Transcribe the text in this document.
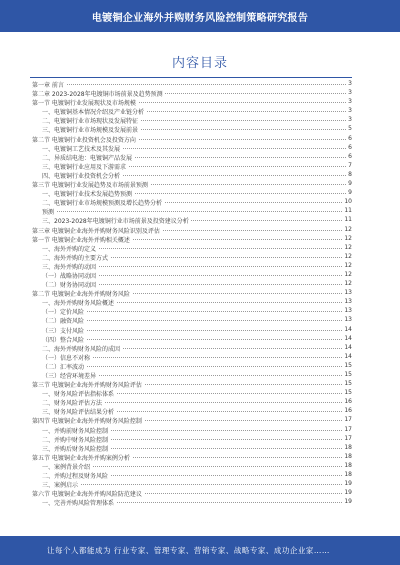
电镀铜企业海外并购财务风险控制策略研究报告
内容目录
第一章 前言	3
第二章 2023-2028年电镀铜市场前景及趋势预测	3
第一节 电镀铜行业发展现状及市场规模	3
一、电镀铜基本情况介绍及产业链分析	3
二、电镀铜行业市场现状及发展特征	3
三、电镀铜行业市场规模及发展前景	5
第二节 电镀铜行业投资机会及投资方向	6
一、电镀铜工艺技术及其发展	6
二、异质结电池：电镀铜产品发展	6
三、电镀铜行业应用及下游需求	7
四、电镀铜行业投资机会分析	8
第三节 电镀铜行业发展趋势及市场前景预测	9
一、电镀铜行业技术发展趋势预测	9
二、电镀铜行业市场规模预测及增长趋势分析	10
预测	11
三、2023-2028年电镀铜行业市场前景及投资建议分析	11
第三章 电镀铜企业海外并购财务风险识别及评估	12
第一节 电镀铜企业海外并购相关概述	12
一、海外并购的定义	12
二、海外并购的主要方式	12
三、海外并购的动因	12
（一）战略协同动因	12
（二）财务协同动因	12
第二节 电镀铜企业海外并购财务风险	13
一、海外并购财务风险概述	13
（一）定价风险	13
（二）融资风险	13
（三）支付风险	14
（四）整合风险	14
二、海外并购财务风险的成因	14
（一）信息不对称	14
（二）汇率波动	15
（三）经营环境差异	15
第三节 电镀铜企业海外并购财务风险评估	15
一、财务风险评估指标体系	15
二、财务风险评估方法	16
三、财务风险评估结果分析	16
第四节 电镀铜企业海外并购财务风险控制	17
一、并购前财务风险控制	17
二、并购中财务风险控制	17
三、并购后财务风险控制	18
第五节 电镀铜企业海外并购案例分析	18
一、案例背景介绍	18
二、并购过程及财务风险	18
三、案例启示	19
第六节 电镀铜企业海外并购风险防范建议	19
一、完善并购风险管理体系	19
让每个人都能成为 行业专家、管理专家、营销专家、战略专家、成功企业家……
